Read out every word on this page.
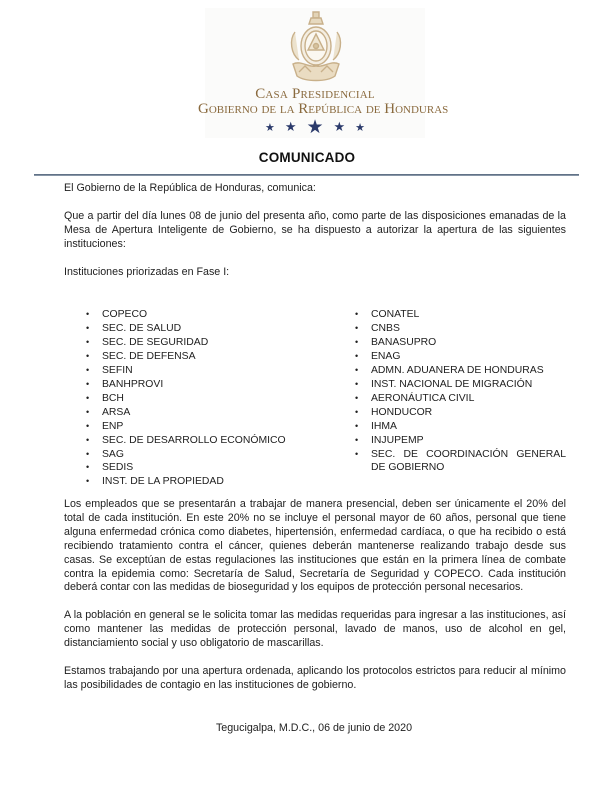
Casa Presidencial
Gobierno de la República de Honduras
★ ★ ★ ★ ★
COMUNICADO
El Gobierno de la República de Honduras, comunica:
Que a partir del día lunes 08 de junio del presenta año, como parte de las disposiciones emanadas de la Mesa de Apertura Inteligente de Gobierno, se ha dispuesto a autorizar la apertura de las siguientes instituciones:
Instituciones priorizadas en Fase I:
• COPECO
• SEC. DE SALUD
• SEC. DE SEGURIDAD
• SEC. DE DEFENSA
• SEFIN
• BANHPROVI
• BCH
• ARSA
• ENP
• SEC. DE DESARROLLO ECONÓMICO
• SAG
• SEDIS
• INST. DE LA PROPIEDAD
• CONATEL
• CNBS
• BANASUPRO
• ENAG
• ADMN. ADUANERA DE HONDURAS
• INST. NACIONAL DE MIGRACIÓN
• AERONÁUTICA CIVIL
• HONDUCOR
• IHMA
• INJUPEMP
• SEC. DE COORDINACIÓN GENERAL DE GOBIERNO
Los empleados que se presentarán a trabajar de manera presencial, deben ser únicamente el 20% del total de cada institución. En este 20% no se incluye el personal mayor de 60 años, personal que tiene alguna enfermedad crónica como diabetes, hipertensión, enfermedad cardíaca, o que ha recibido o está recibiendo tratamiento contra el cáncer, quienes deberán mantenerse realizando trabajo desde sus casas. Se exceptúan de estas regulaciones las instituciones que están en la primera línea de combate contra la epidemia como: Secretaría de Salud, Secretaría de Seguridad y COPECO. Cada institución deberá contar con las medidas de bioseguridad y los equipos de protección personal necesarios.
A la población en general se le solicita tomar las medidas requeridas para ingresar a las instituciones, así como mantener las medidas de protección personal, lavado de manos, uso de alcohol en gel, distanciamiento social y uso obligatorio de mascarillas.
Estamos trabajando por una apertura ordenada, aplicando los protocolos estrictos para reducir al mínimo las posibilidades de contagio en las instituciones de gobierno.
Tegucigalpa, M.D.C., 06 de junio de 2020
